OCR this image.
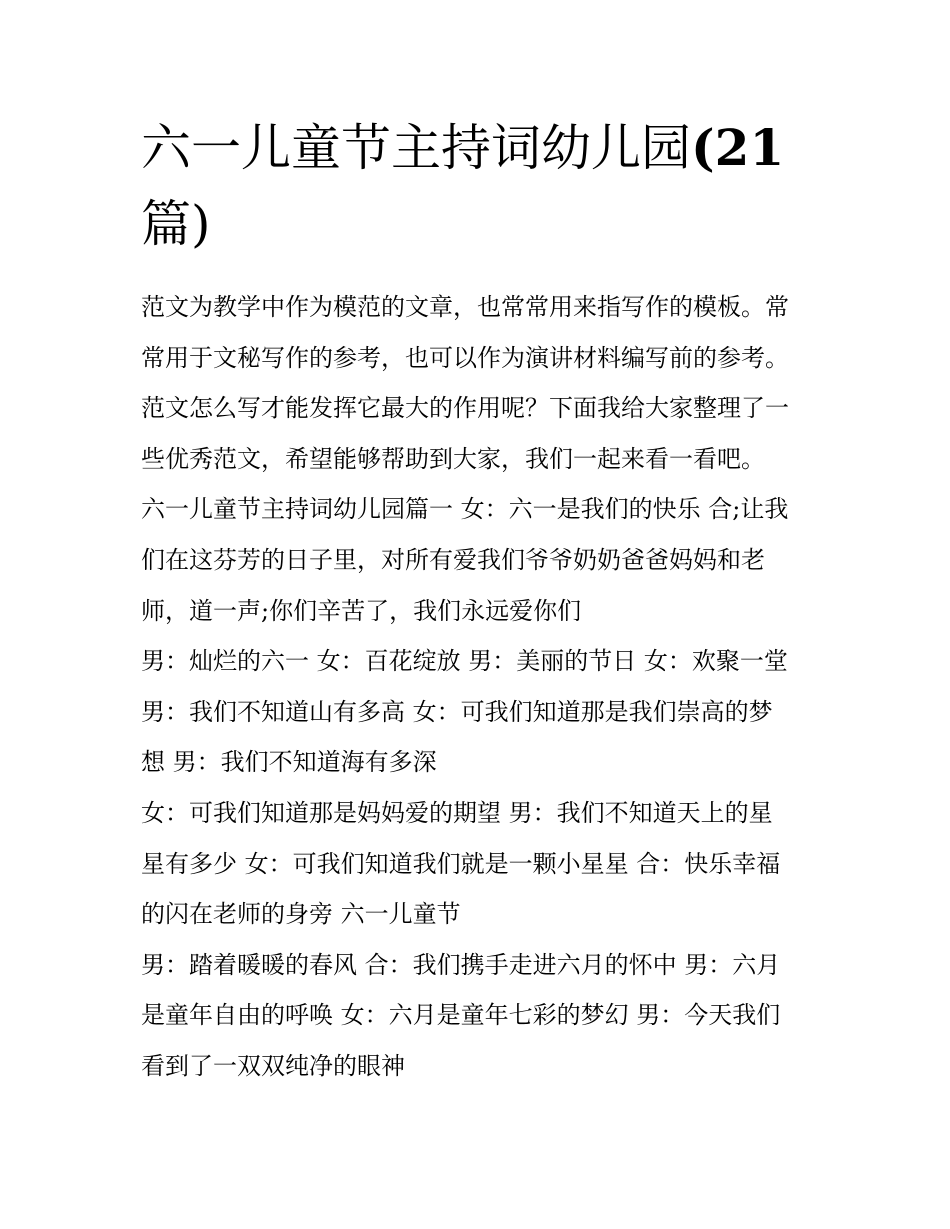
六一儿童节主持词幼儿园(21
篇)

范文为教学中作为模范的文章，也常常用来指写作的模板。常
常用于文秘写作的参考，也可以作为演讲材料编写前的参考。
范文怎么写才能发挥它最大的作用呢？下面我给大家整理了一
些优秀范文，希望能够帮助到大家，我们一起来看一看吧。

六一儿童节主持词幼儿园篇一 女：六一是我们的快乐 合;让我
们在这芬芳的日子里，对所有爱我们爷爷奶奶爸爸妈妈和老
师，道一声;你们辛苦了，我们永远爱你们

男：灿烂的六一 女：百花绽放 男：美丽的节日 女：欢聚一堂
男：我们不知道山有多高 女：可我们知道那是我们崇高的梦
想 男：我们不知道海有多深

女：可我们知道那是妈妈爱的期望 男：我们不知道天上的星
星有多少 女：可我们知道我们就是一颗小星星 合：快乐幸福
的闪在老师的身旁 六一儿童节

男：踏着暖暖的春风 合：我们携手走进六月的怀中 男：六月
是童年自由的呼唤 女：六月是童年七彩的梦幻 男：今天我们
看到了一双双纯净的眼神
